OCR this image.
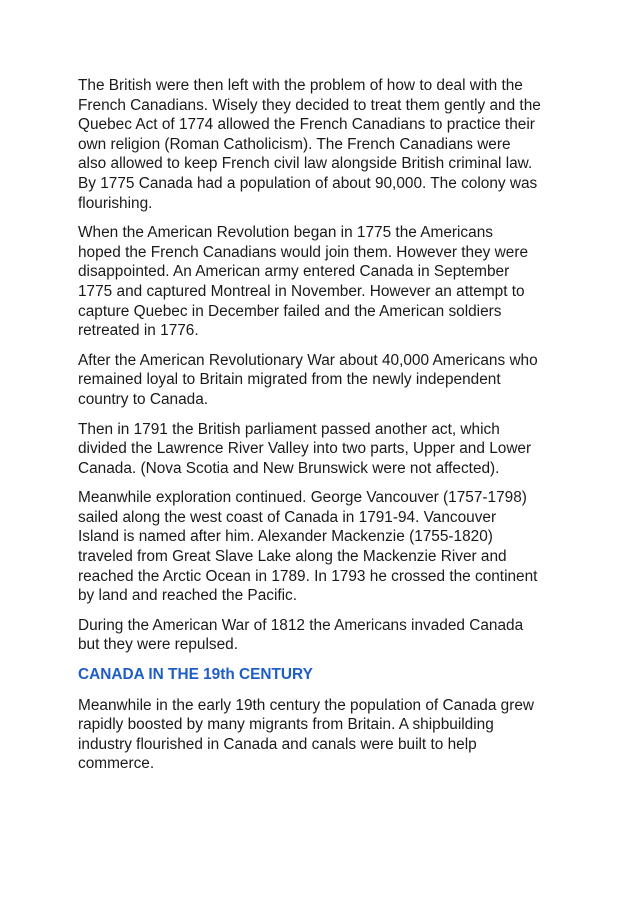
The British were then left with the problem of how to deal with the
French Canadians. Wisely they decided to treat them gently and the
Quebec Act of 1774 allowed the French Canadians to practice their
own religion (Roman Catholicism). The French Canadians were
also allowed to keep French civil law alongside British criminal law.
By 1775 Canada had a population of about 90,000. The colony was
flourishing.

When the American Revolution began in 1775 the Americans
hoped the French Canadians would join them. However they were
disappointed. An American army entered Canada in September
1775 and captured Montreal in November. However an attempt to
capture Quebec in December failed and the American soldiers
retreated in 1776.

After the American Revolutionary War about 40,000 Americans who
remained loyal to Britain migrated from the newly independent
country to Canada.

Then in 1791 the British parliament passed another act, which
divided the Lawrence River Valley into two parts, Upper and Lower
Canada. (Nova Scotia and New Brunswick were not affected).

Meanwhile exploration continued. George Vancouver (1757-1798)
sailed along the west coast of Canada in 1791-94. Vancouver
Island is named after him. Alexander Mackenzie (1755-1820)
traveled from Great Slave Lake along the Mackenzie River and
reached the Arctic Ocean in 1789. In 1793 he crossed the continent
by land and reached the Pacific.

During the American War of 1812 the Americans invaded Canada
but they were repulsed.

CANADA IN THE 19th CENTURY

Meanwhile in the early 19th century the population of Canada grew
rapidly boosted by many migrants from Britain. A shipbuilding
industry flourished in Canada and canals were built to help
commerce.
